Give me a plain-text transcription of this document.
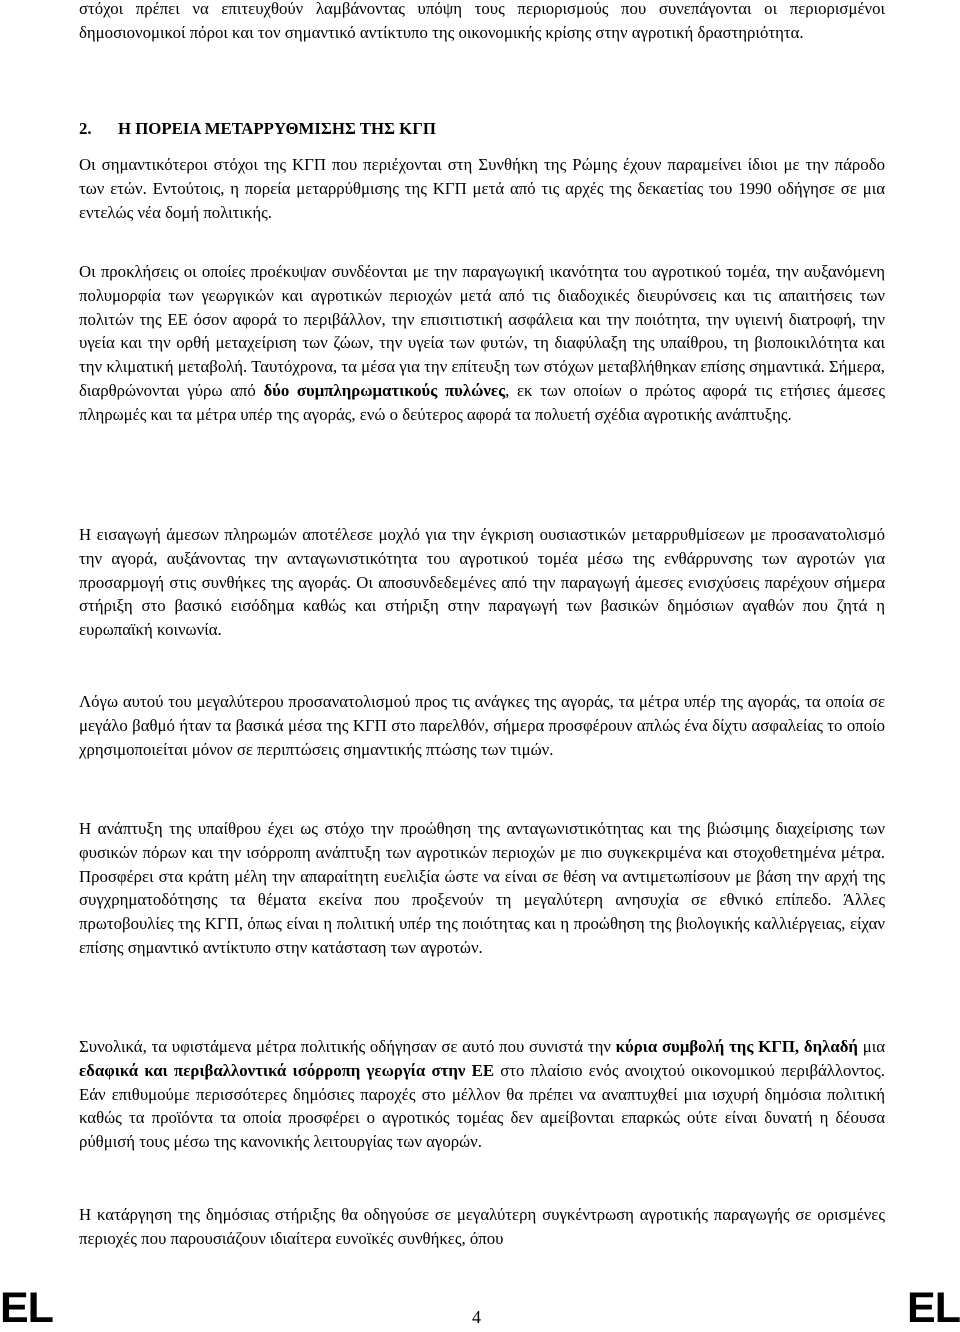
στόχοι πρέπει να επιτευχθούν λαμβάνοντας υπόψη τους περιορισμούς που συνεπάγονται οι περιορισμένοι δημοσιονομικοί πόροι και τον σημαντικό αντίκτυπο της οικονομικής κρίσης στην αγροτική δραστηριότητα.

2. Η ΠΟΡΕΙΑ ΜΕΤΑΡΡΥΘΜΙΣΗΣ ΤΗΣ ΚΓΠ

Οι σημαντικότεροι στόχοι της ΚΓΠ που περιέχονται στη Συνθήκη της Ρώμης έχουν παραμείνει ίδιοι με την πάροδο των ετών. Εντούτοις, η πορεία μεταρρύθμισης της ΚΓΠ μετά από τις αρχές της δεκαετίας του 1990 οδήγησε σε μια εντελώς νέα δομή πολιτικής.

Οι προκλήσεις οι οποίες προέκυψαν συνδέονται με την παραγωγική ικανότητα του αγροτικού τομέα, την αυξανόμενη πολυμορφία των γεωργικών και αγροτικών περιοχών μετά από τις διαδοχικές διευρύνσεις και τις απαιτήσεις των πολιτών της ΕΕ όσον αφορά το περιβάλλον, την επισιτιστική ασφάλεια και την ποιότητα, την υγιεινή διατροφή, την υγεία και την ορθή μεταχείριση των ζώων, την υγεία των φυτών, τη διαφύλαξη της υπαίθρου, τη βιοποικιλότητα και την κλιματική μεταβολή. Ταυτόχρονα, τα μέσα για την επίτευξη των στόχων μεταβλήθηκαν επίσης σημαντικά. Σήμερα, διαρθρώνονται γύρω από δύο συμπληρωματικούς πυλώνες, εκ των οποίων ο πρώτος αφορά τις ετήσιες άμεσες πληρωμές και τα μέτρα υπέρ της αγοράς, ενώ ο δεύτερος αφορά τα πολυετή σχέδια αγροτικής ανάπτυξης.

Η εισαγωγή άμεσων πληρωμών αποτέλεσε μοχλό για την έγκριση ουσιαστικών μεταρρυθμίσεων με προσανατολισμό την αγορά, αυξάνοντας την ανταγωνιστικότητα του αγροτικού τομέα μέσω της ενθάρρυνσης των αγροτών για προσαρμογή στις συνθήκες της αγοράς. Οι αποσυνδεδεμένες από την παραγωγή άμεσες ενισχύσεις παρέχουν σήμερα στήριξη στο βασικό εισόδημα καθώς και στήριξη στην παραγωγή των βασικών δημόσιων αγαθών που ζητά η ευρωπαϊκή κοινωνία.

Λόγω αυτού του μεγαλύτερου προσανατολισμού προς τις ανάγκες της αγοράς, τα μέτρα υπέρ της αγοράς, τα οποία σε μεγάλο βαθμό ήταν τα βασικά μέσα της ΚΓΠ στο παρελθόν, σήμερα προσφέρουν απλώς ένα δίχτυ ασφαλείας το οποίο χρησιμοποιείται μόνον σε περιπτώσεις σημαντικής πτώσης των τιμών.

Η ανάπτυξη της υπαίθρου έχει ως στόχο την προώθηση της ανταγωνιστικότητας και της βιώσιμης διαχείρισης των φυσικών πόρων και την ισόρροπη ανάπτυξη των αγροτικών περιοχών με πιο συγκεκριμένα και στοχοθετημένα μέτρα. Προσφέρει στα κράτη μέλη την απαραίτητη ευελιξία ώστε να είναι σε θέση να αντιμετωπίσουν με βάση την αρχή της συγχρηματοδότησης τα θέματα εκείνα που προξενούν τη μεγαλύτερη ανησυχία σε εθνικό επίπεδο. Άλλες πρωτοβουλίες της ΚΓΠ, όπως είναι η πολιτική υπέρ της ποιότητας και η προώθηση της βιολογικής καλλιέργειας, είχαν επίσης σημαντικό αντίκτυπο στην κατάσταση των αγροτών.

Συνολικά, τα υφιστάμενα μέτρα πολιτικής οδήγησαν σε αυτό που συνιστά την κύρια συμβολή της ΚΓΠ, δηλαδή μια εδαφικά και περιβαλλοντικά ισόρροπη γεωργία στην ΕΕ στο πλαίσιο ενός ανοιχτού οικονομικού περιβάλλοντος. Εάν επιθυμούμε περισσότερες δημόσιες παροχές στο μέλλον θα πρέπει να αναπτυχθεί μια ισχυρή δημόσια πολιτική καθώς τα προϊόντα τα οποία προσφέρει ο αγροτικός τομέας δεν αμείβονται επαρκώς ούτε είναι δυνατή η δέουσα ρύθμισή τους μέσω της κανονικής λειτουργίας των αγορών.

Η κατάργηση της δημόσιας στήριξης θα οδηγούσε σε μεγαλύτερη συγκέντρωση αγροτικής παραγωγής σε ορισμένες περιοχές που παρουσιάζουν ιδιαίτερα ευνοϊκές συνθήκες, όπου

EL	4	EL
